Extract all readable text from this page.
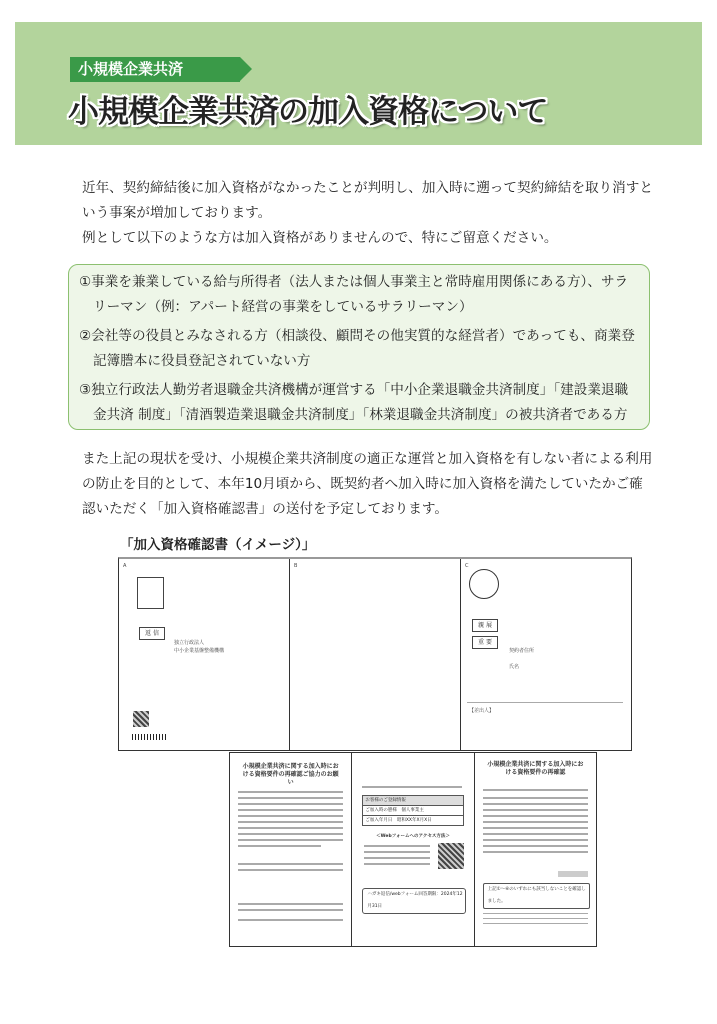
小規模企業共済
小規模企業共済の加入資格について
近年、契約締結後に加入資格がなかったことが判明し、加入時に遡って契約締結を取り消すという事案が増加しております。
例として以下のような方は加入資格がありませんので、特にご留意ください。
①事業を兼業している給与所得者（法人または個人事業主と常時雇用関係にある方）、サラリーマン（例：アパート経営の事業をしているサラリーマン）
②会社等の役員とみなされる方（相談役、顧問その他実質的な経営者）であっても、商業登記簿謄本に役員登記されていない方
③独立行政法人勤労者退職金共済機構が運営する「中小企業退職金共済制度」「建設業退職金共済 制度」「清酒製造業退職金共済制度」「林業退職金共済制度」の被共済者である方
また上記の現状を受け、小規模企業共済制度の適正な運営と加入資格を有しない者による利用の防止を目的として、本年10月頃から、既契約者へ加入時に加入資格を満たしていたかご確認いただく「加入資格確認書」の送付を予定しております。
「加入資格確認書（イメージ）」
A
返 信
独立行政法人
中小企業基盤整備機構
B	C
親 展
重 要
契約者住所
氏名
【差出人】
小規模企業共済に関する加入時における資格要件の再確認ご協力のお願い
お客様のご登録情報
ご加入時の態様　 個人事業主
ご加入年月日　 昭和XX年X月X日
＜Webフォームへのアクセス方法＞
ハガキ返信/webフォーム回答期限：2024年12月31日
小規模企業共済に関する加入時における資格要件の再確認
上記①～⑥のいずれにも該当しないことを確認しました。
